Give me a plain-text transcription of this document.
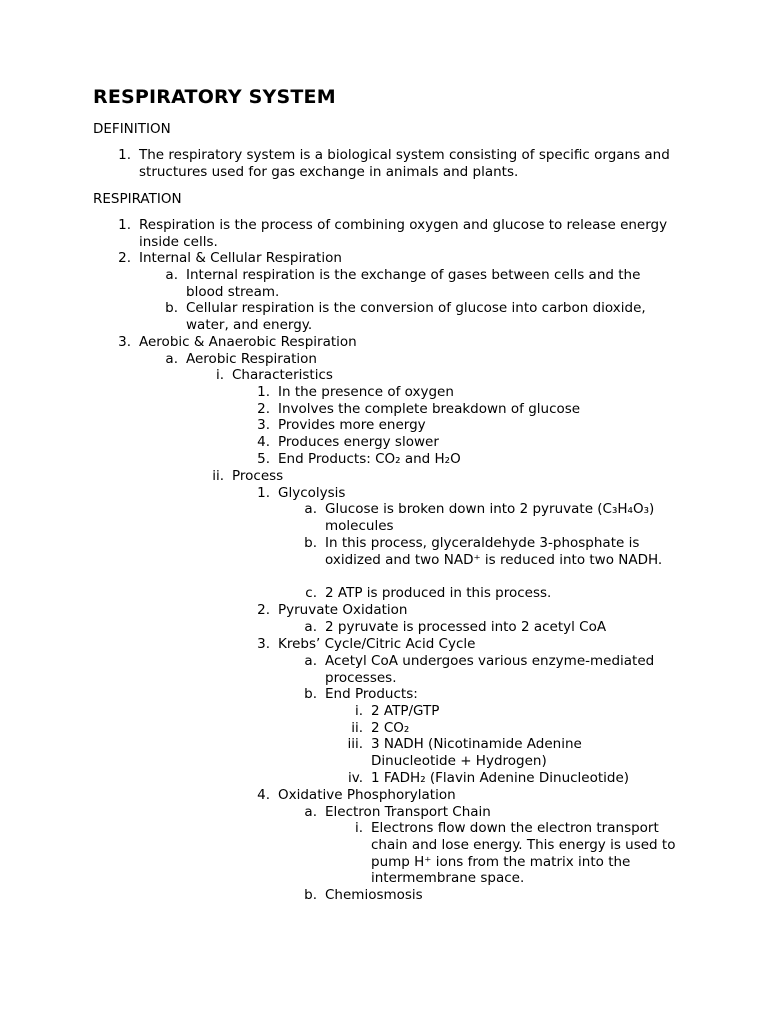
RESPIRATORY SYSTEM
DEFINITION
1. The respiratory system is a biological system consisting of specific organs and structures used for gas exchange in animals and plants.
RESPIRATION
1. Respiration is the process of combining oxygen and glucose to release energy inside cells.
2. Internal & Cellular Respiration
a. Internal respiration is the exchange of gases between cells and the blood stream.
b. Cellular respiration is the conversion of glucose into carbon dioxide, water, and energy.
3. Aerobic & Anaerobic Respiration
a. Aerobic Respiration
i. Characteristics
1. In the presence of oxygen
2. Involves the complete breakdown of glucose
3. Provides more energy
4. Produces energy slower
5. End Products: CO₂ and H₂O
ii. Process
1. Glycolysis
a. Glucose is broken down into 2 pyruvate (C₃H₄O₃) molecules
b. In this process, glyceraldehyde 3-phosphate is oxidized and two NAD⁺ is reduced into two NADH.
c. 2 ATP is produced in this process.
2. Pyruvate Oxidation
a. 2 pyruvate is processed into 2 acetyl CoA
3. Krebs’ Cycle/Citric Acid Cycle
a. Acetyl CoA undergoes various enzyme-mediated processes.
b. End Products:
i. 2 ATP/GTP
ii. 2 CO₂
iii. 3 NADH (Nicotinamide Adenine Dinucleotide + Hydrogen)
iv. 1 FADH₂ (Flavin Adenine Dinucleotide)
4. Oxidative Phosphorylation
a. Electron Transport Chain
i. Electrons flow down the electron transport chain and lose energy. This energy is used to pump H⁺ ions from the matrix into the intermembrane space.
b. Chemiosmosis
